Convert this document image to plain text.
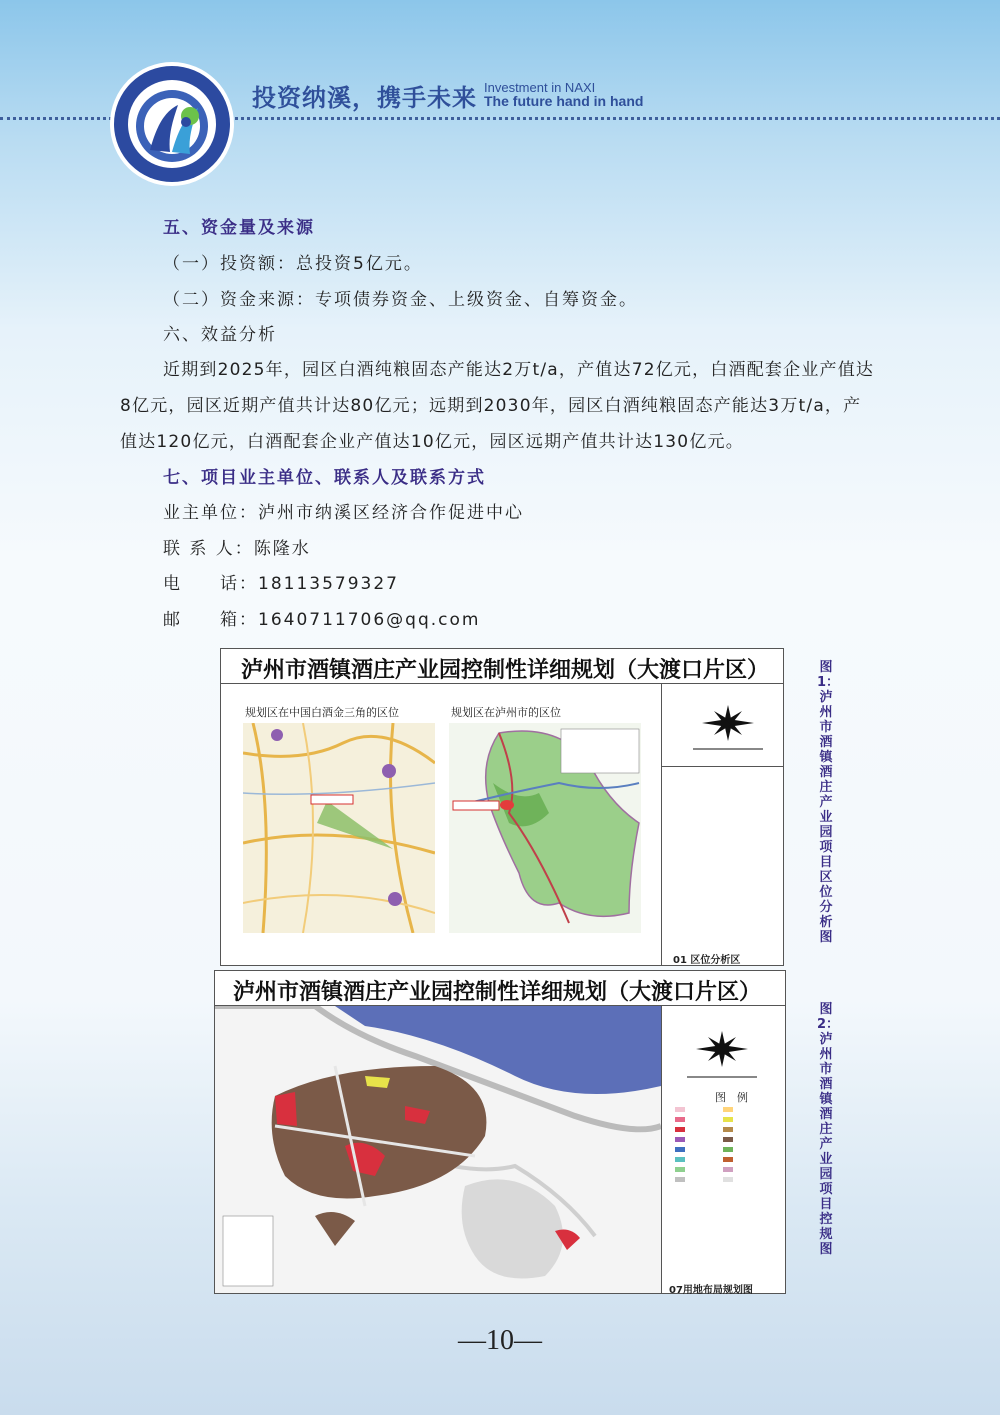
投资纳溪，携手未来 Investment in NAXI
The future hand in hand
五、资金量及来源
（一）投资额：总投资5亿元。
（二）资金来源：专项债券资金、上级资金、自筹资金。
六、效益分析
近期到2025年，园区白酒纯粮固态产能达2万t/a，产值达72亿元，白酒配套企业产值达
8亿元，园区近期产值共计达80亿元；远期到2030年，园区白酒纯粮固态产能达3万t/a，产
值达120亿元，白酒配套企业产值达10亿元，园区远期产值共计达130亿元。
七、项目业主单位、联系人及联系方式
业主单位：泸州市纳溪区经济合作促进中心
联 系 人：陈隆水
电　　话：18113579327
邮　　箱：1640711706@qq.com
泸州市酒镇酒庄产业园控制性详细规划（大渡口片区）
规划区在中国白酒金三角的区位	规划区在泸州市的区位
01 区位分析区
图1：泸州市酒镇酒庄产业园项目区位分析图
泸州市酒镇酒庄产业园控制性详细规划（大渡口片区）
图　例
07用地布局规划图
图2：泸州市酒镇酒庄产业园项目控规图
—10—
